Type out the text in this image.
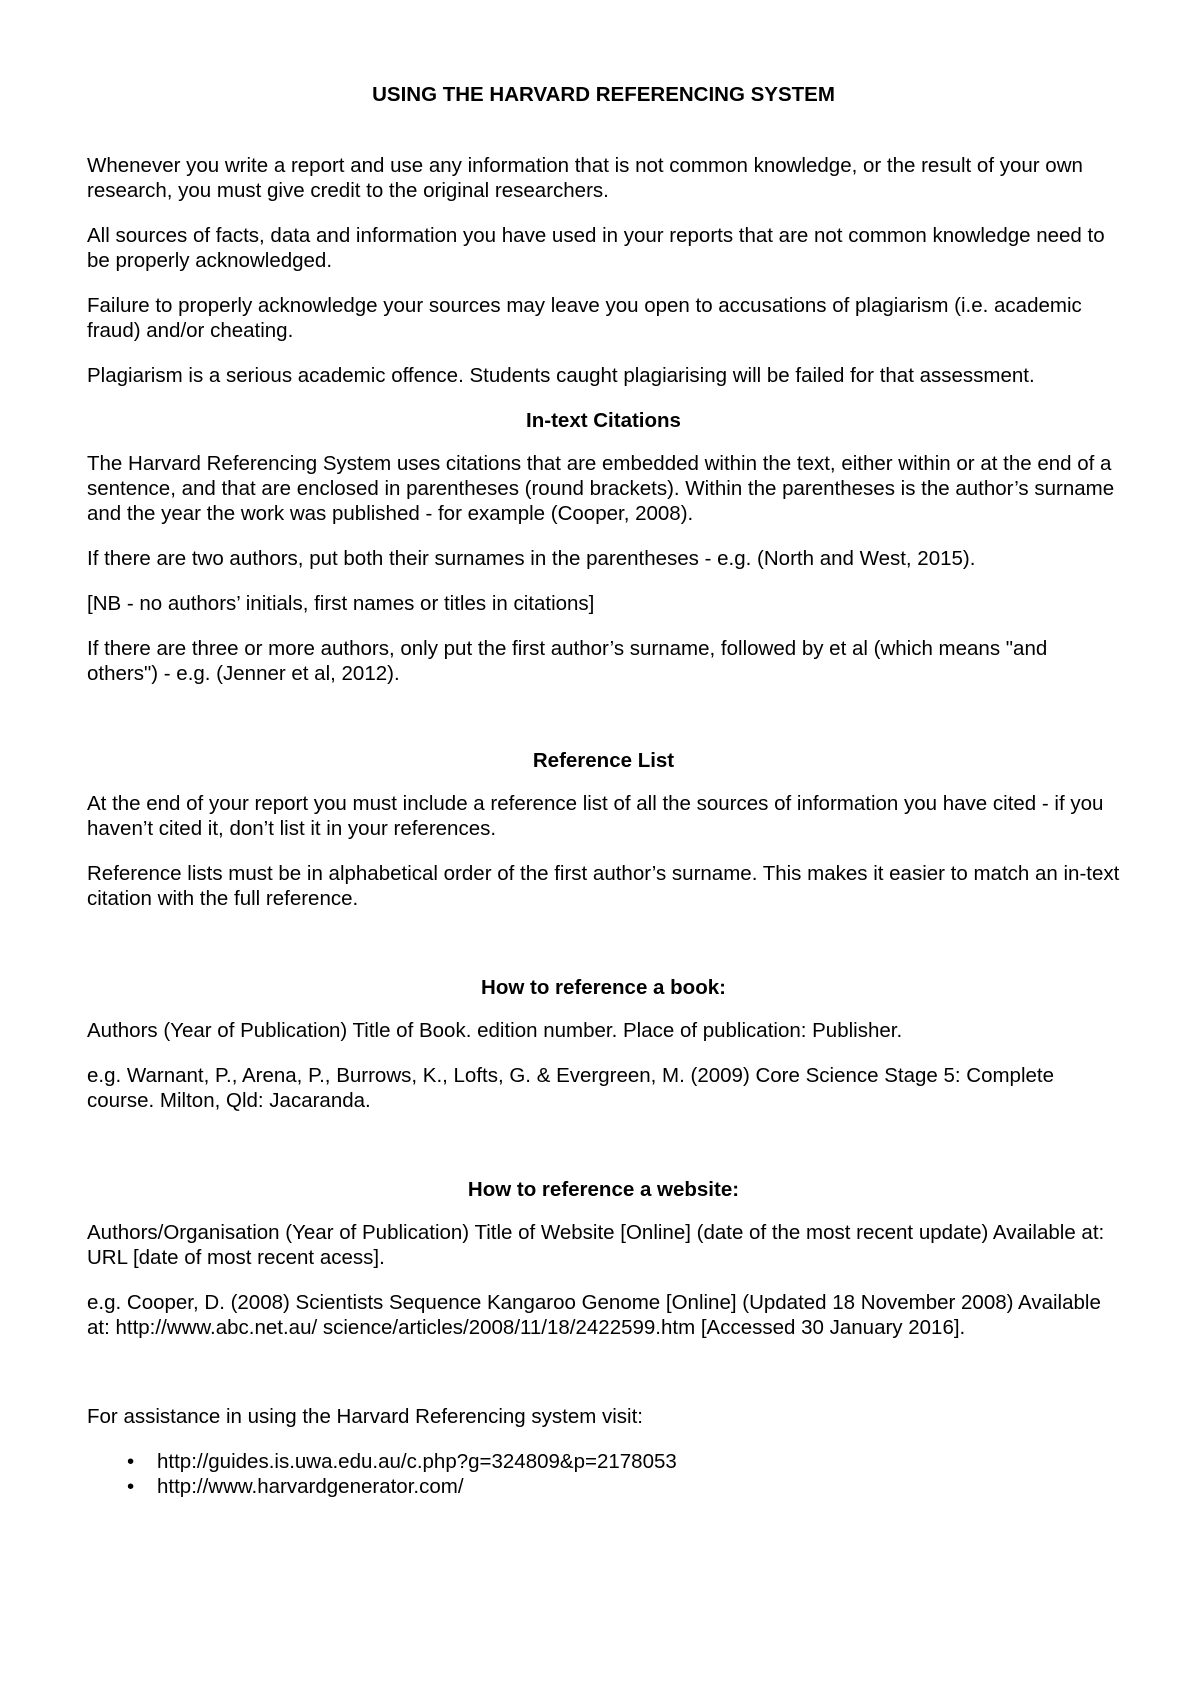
USING THE HARVARD REFERENCING SYSTEM

Whenever you write a report and use any information that is not common knowledge, or the result of your own research, you must give credit to the original researchers.

All sources of facts, data and information you have used in your reports that are not common knowledge need to be properly acknowledged.

Failure to properly acknowledge your sources may leave you open to accusations of plagiarism (i.e. academic fraud) and/or cheating.

Plagiarism is a serious academic offence. Students caught plagiarising will be failed for that assessment.

In-text Citations

The Harvard Referencing System uses citations that are embedded within the text, either within or at the end of a sentence, and that are enclosed in parentheses (round brackets). Within the parentheses is the author’s surname and the year the work was published - for example (Cooper, 2008).

If there are two authors, put both their surnames in the parentheses - e.g. (North and West, 2015).

[NB - no authors’ initials, first names or titles in citations]

If there are three or more authors, only put the first author’s surname, followed by et al (which means "and others") - e.g. (Jenner et al, 2012).

Reference List

At the end of your report you must include a reference list of all the sources of information you have cited - if you haven’t cited it, don’t list it in your references.

Reference lists must be in alphabetical order of the first author’s surname. This makes it easier to match an in-text citation with the full reference.

How to reference a book:

Authors (Year of Publication) Title of Book. edition number. Place of publication: Publisher.

e.g. Warnant, P., Arena, P., Burrows, K., Lofts, G. & Evergreen, M. (2009) Core Science Stage 5: Complete course. Milton, Qld: Jacaranda.

How to reference a website:

Authors/Organisation (Year of Publication) Title of Website [Online] (date of the most recent update) Available at: URL [date of most recent acess].

e.g. Cooper, D. (2008) Scientists Sequence Kangaroo Genome [Online] (Updated 18 November 2008) Available at: http://www.abc.net.au/ science/articles/2008/11/18/2422599.htm [Accessed 30 January 2016].

For assistance in using the Harvard Referencing system visit:

• http://guides.is.uwa.edu.au/c.php?g=324809&p=2178053
• http://www.harvardgenerator.com/
